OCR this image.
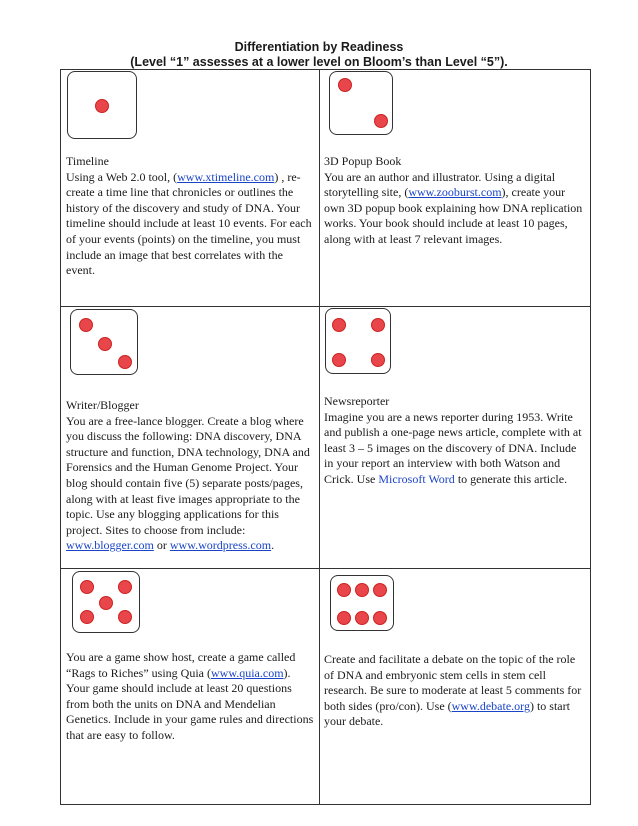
Differentiation by Readiness
(Level “1” assesses at a lower level on Bloom’s than Level “5”).

Timeline

Using a Web 2.0 tool, (www.xtimeline.com) , re-create a time line that chronicles or outlines the history of the discovery and study of DNA. Your timeline should include at least 10 events. For each of your events (points) on the timeline, you must include an image that best correlates with the event.

3D Popup Book

You are an author and illustrator. Using a digital storytelling site, (www.zooburst.com), create your own 3D popup book explaining how DNA replication works. Your book should include at least 10 pages, along with at least 7 relevant images.

Writer/Blogger

You are a free-lance blogger. Create a blog where you discuss the following: DNA discovery, DNA structure and function, DNA technology, DNA and Forensics and the Human Genome Project. Your blog should contain five (5) separate posts/pages, along with at least five images appropriate to the topic. Use any blogging applications for this project. Sites to choose from include: www.blogger.com or www.wordpress.com.

Newsreporter

Imagine you are a news reporter during 1953. Write and publish a one-page news article, complete with at least 3 – 5 images on the discovery of DNA. Include in your report an interview with both Watson and Crick. Use Microsoft Word to generate this article.

You are a game show host, create a game called “Rags to Riches” using Quia (www.quia.com). Your game should include at least 20 questions from both the units on DNA and Mendelian Genetics. Include in your game rules and directions that are easy to follow.

Create and facilitate a debate on the topic of the role of DNA and embryonic stem cells in stem cell research. Be sure to moderate at least 5 comments for both sides (pro/con). Use (www.debate.org) to start your debate.
